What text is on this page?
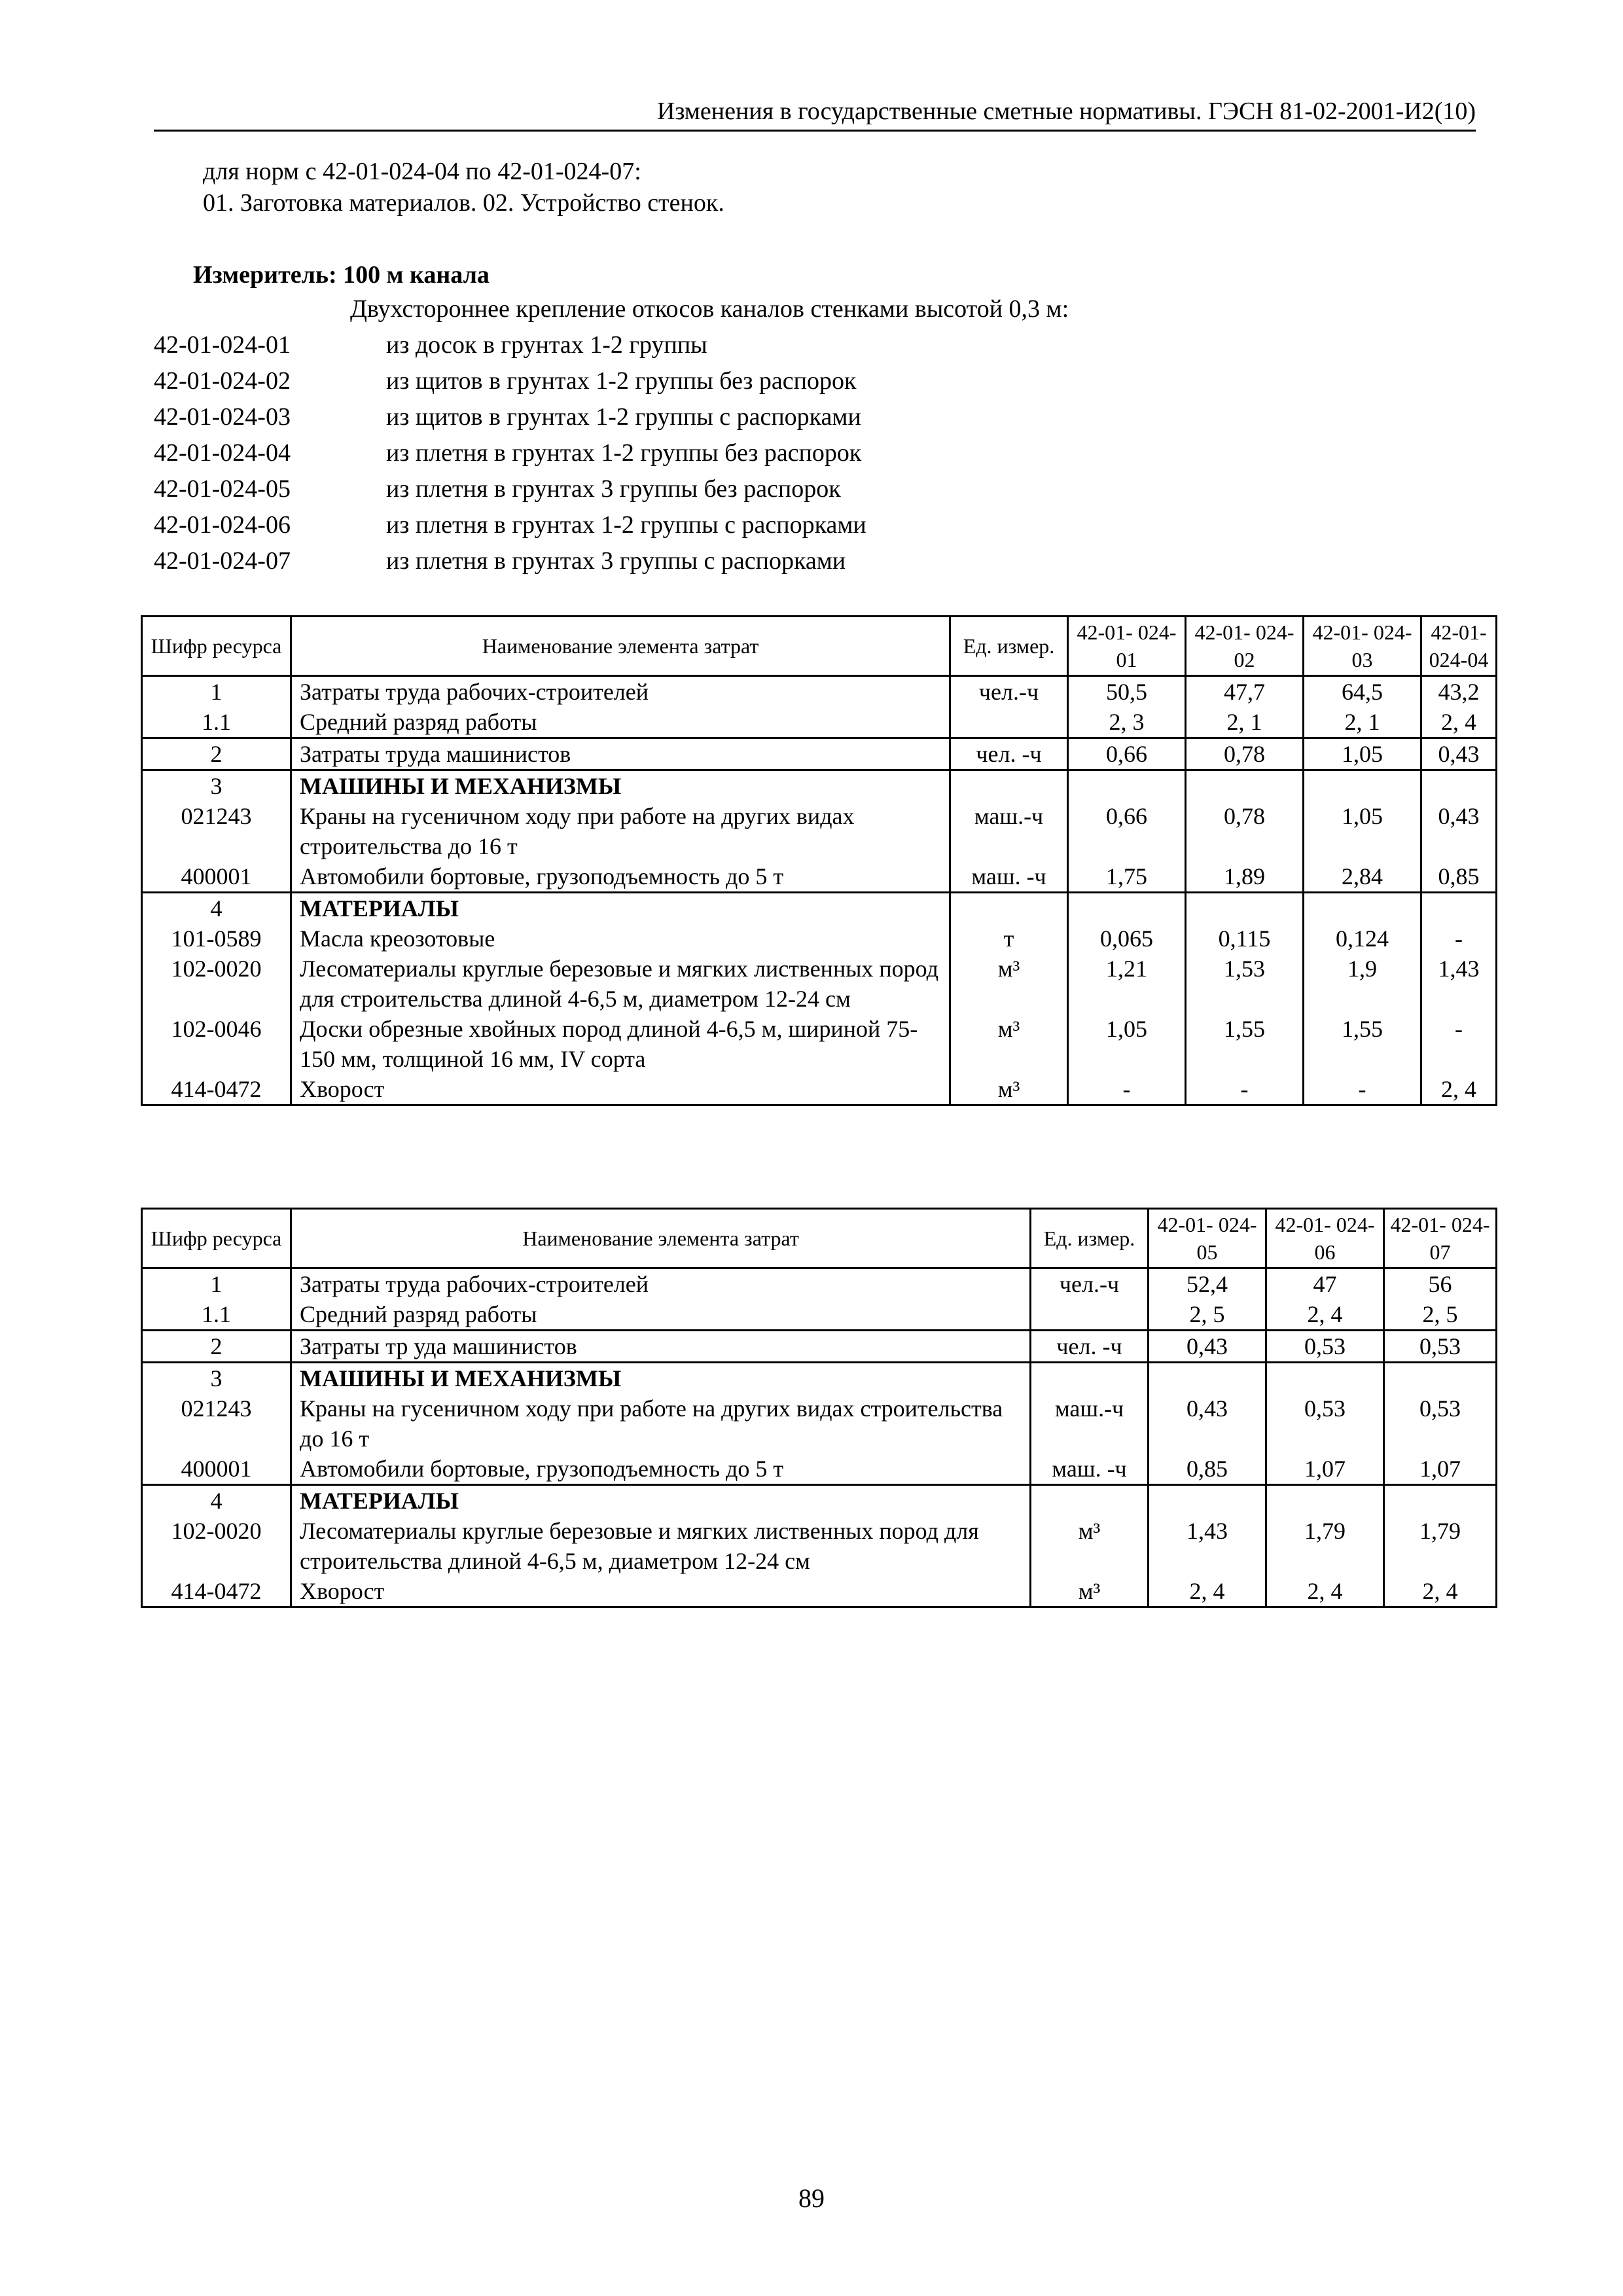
Изменения в государственные сметные нормативы. ГЭСН 81-02-2001-И2(10)
для норм с 42-01-024-04 по 42-01-024-07:
01. Заготовка материалов. 02. Устройство стенок.
Измеритель: 100 м канала
Двухстороннее крепление откосов каналов стенками высотой 0,3 м:
42-01-024-01	из досок в грунтах 1-2 группы
42-01-024-02	из щитов в грунтах 1-2 группы без распорок
42-01-024-03	из щитов в грунтах 1-2 группы с распорками
42-01-024-04	из плетня в грунтах 1-2 группы без распорок
42-01-024-05	из плетня в грунтах 3 группы без распорок
42-01-024-06	из плетня в грунтах 1-2 группы с распорками
42-01-024-07	из плетня в грунтах 3 группы с распорками
Шифр ресурса	Наименование элемента затрат	Ед. измер.	42-01- 024-01	42-01- 024-02	42-01- 024-03	42-01- 024-04
1	Затраты труда рабочих-строителей	чел.-ч	50,5	47,7	64,5	43,2
1.1	Средний разряд работы		2, 3	2, 1	2, 1	2, 4
2	Затраты труда машинистов	чел. -ч	0,66	0,78	1,05	0,43
3	МАШИНЫ И МЕХАНИЗМЫ					
021243	Краны на гусеничном ходу при работе на других видах строительства до 16 т	маш.-ч	0,66	0,78	1,05	0,43
400001	Автомобили бортовые, грузоподъемность до 5 т	маш. -ч	1,75	1,89	2,84	0,85
4	МАТЕРИАЛЫ					
101-0589	Масла креозотовые	т	0,065	0,115	0,124	-
102-0020	Лесоматериалы круглые березовые и мягких лиственных пород для строительства длиной 4-6,5 м, диаметром 12-24 см	м³	1,21	1,53	1,9	1,43
102-0046	Доски обрезные хвойных пород длиной 4-6,5 м, шириной 75-150 мм, толщиной 16 мм, IV сорта	м³	1,05	1,55	1,55	-
414-0472	Хворост	м³	-	-	-	2, 4
Шифр ресурса	Наименование элемента затрат	Ед. измер.	42-01- 024-05	42-01- 024-06	42-01- 024-07
1	Затраты труда рабочих-строителей	чел.-ч	52,4	47	56
1.1	Средний разряд работы		2, 5	2, 4	2, 5
2	Затраты тр уда машинистов	чел. -ч	0,43	0,53	0,53
3	МАШИНЫ И МЕХАНИЗМЫ				
021243	Краны на гусеничном ходу при работе на других видах строительства до 16 т	маш.-ч	0,43	0,53	0,53
400001	Автомобили бортовые, грузоподъемность до 5 т	маш. -ч	0,85	1,07	1,07
4	МАТЕРИАЛЫ				
102-0020	Лесоматериалы круглые березовые и мягких лиственных пород для строительства длиной 4-6,5 м, диаметром 12-24 см	м³	1,43	1,79	1,79
414-0472	Хворост	м³	2, 4	2, 4	2, 4
89
